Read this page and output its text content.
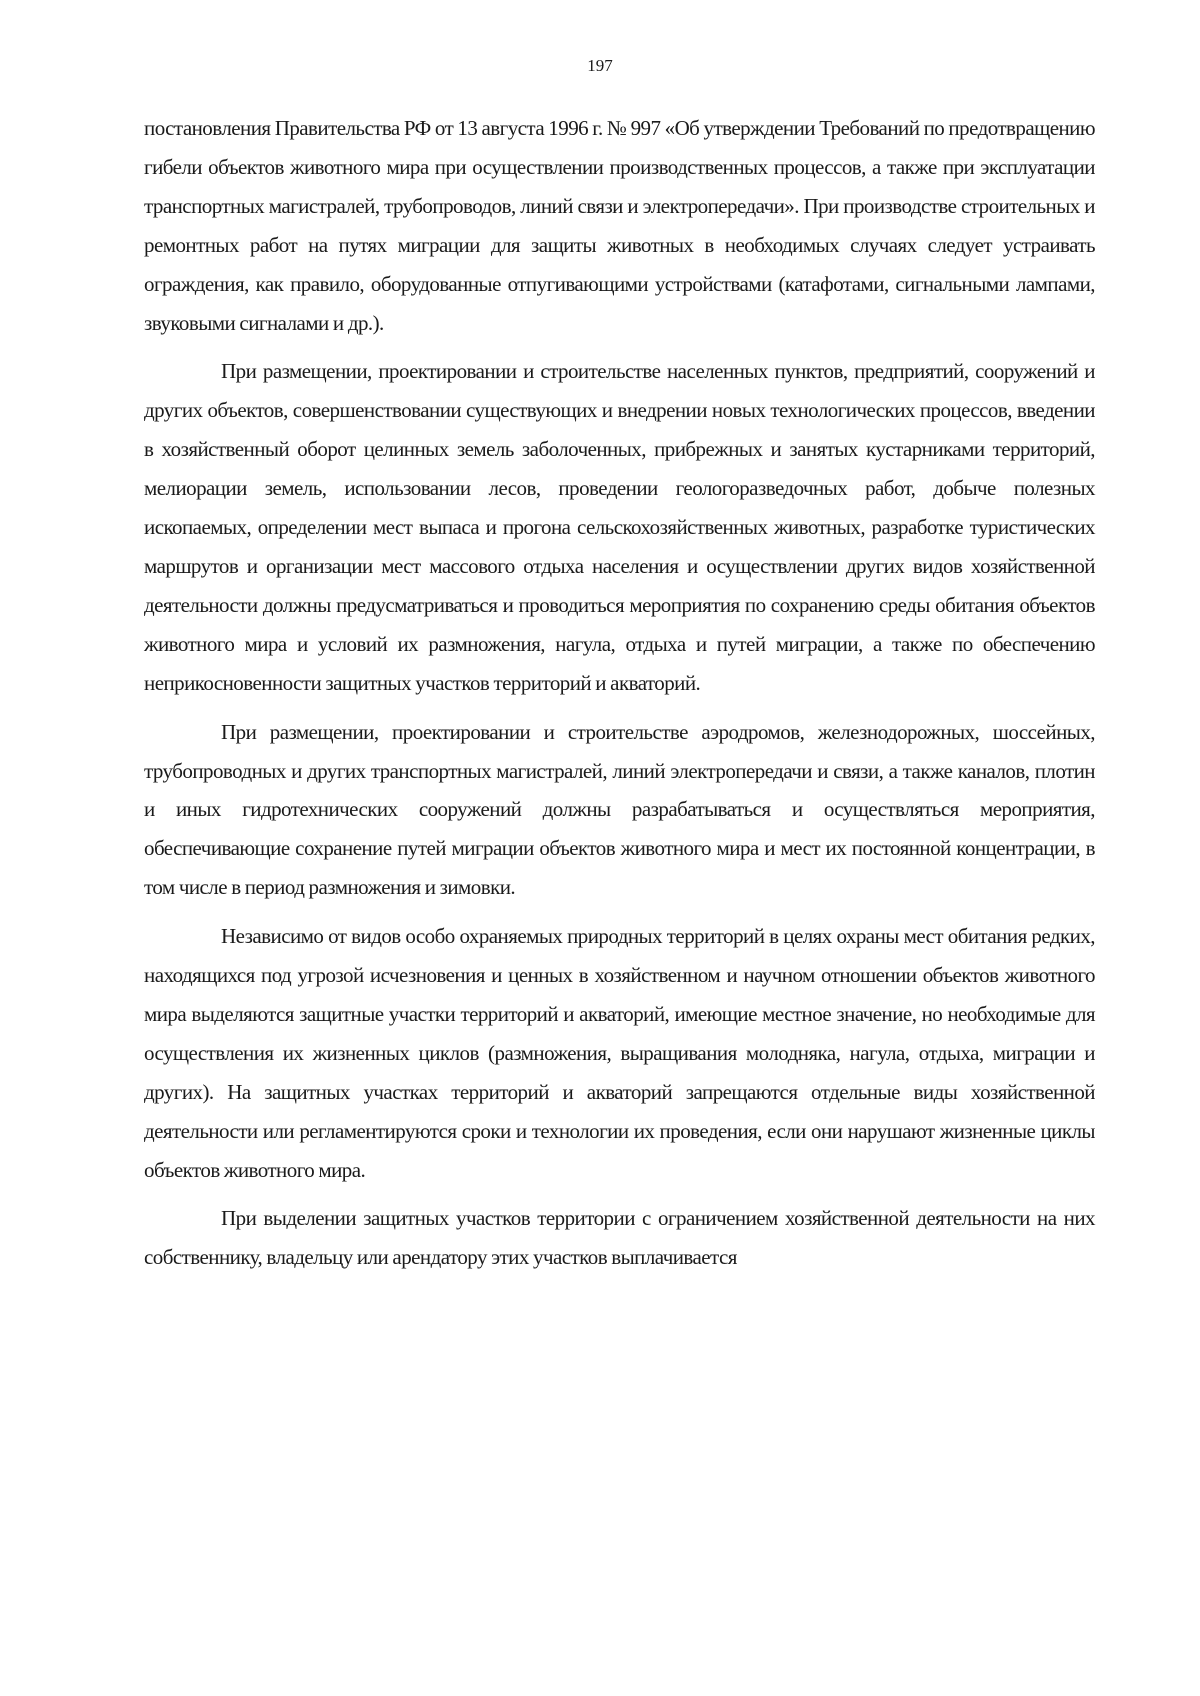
197

постановления Правительства РФ от 13 августа 1996 г. № 997 «Об утверждении Требований по предотвращению гибели объектов животного мира при осуществлении производственных процессов, а также при эксплуатации транспортных магистралей, трубопроводов, линий связи и электропередачи». При производстве строительных и ремонтных работ на путях миграции для защиты животных в необходимых случаях следует устраивать ограждения, как правило, оборудованные отпугивающими устройствами (катафотами, сигнальными лампами, звуковыми сигналами и др.).

При размещении, проектировании и строительстве населенных пунктов, предприятий, сооружений и других объектов, совершенствовании существующих и внедрении новых технологических процессов, введении в хозяйственный оборот целинных земель заболоченных, прибрежных и занятых кустарниками территорий, мелиорации земель, использовании лесов, проведении геологоразведочных работ, добыче полезных ископаемых, определении мест выпаса и прогона сельскохозяйственных животных, разработке туристических маршрутов и организации мест массового отдыха населения и осуществлении других видов хозяйственной деятельности должны предусматриваться и проводиться мероприятия по сохранению среды обитания объектов животного мира и условий их размножения, нагула, отдыха и путей миграции, а также по обеспечению неприкосновенности защитных участков территорий и акваторий.

При размещении, проектировании и строительстве аэродромов, железнодорожных, шоссейных, трубопроводных и других транспортных магистралей, линий электропередачи и связи, а также каналов, плотин и иных гидротехнических сооружений должны разрабатываться и осуществляться мероприятия, обеспечивающие сохранение путей миграции объектов животного мира и мест их постоянной концентрации, в том числе в период размножения и зимовки.

Независимо от видов особо охраняемых природных территорий в целях охраны мест обитания редких, находящихся под угрозой исчезновения и ценных в хозяйственном и научном отношении объектов животного мира выделяются защитные участки территорий и акваторий, имеющие местное значение, но необходимые для осуществления их жизненных циклов (размножения, выращивания молодняка, нагула, отдыха, миграции и других). На защитных участках территорий и акваторий запрещаются отдельные виды хозяйственной деятельности или регламентируются сроки и технологии их проведения, если они нарушают жизненные циклы объектов животного мира.

При выделении защитных участков территории с ограничением хозяйственной деятельности на них собственнику, владельцу или арендатору этих участков выплачивается
